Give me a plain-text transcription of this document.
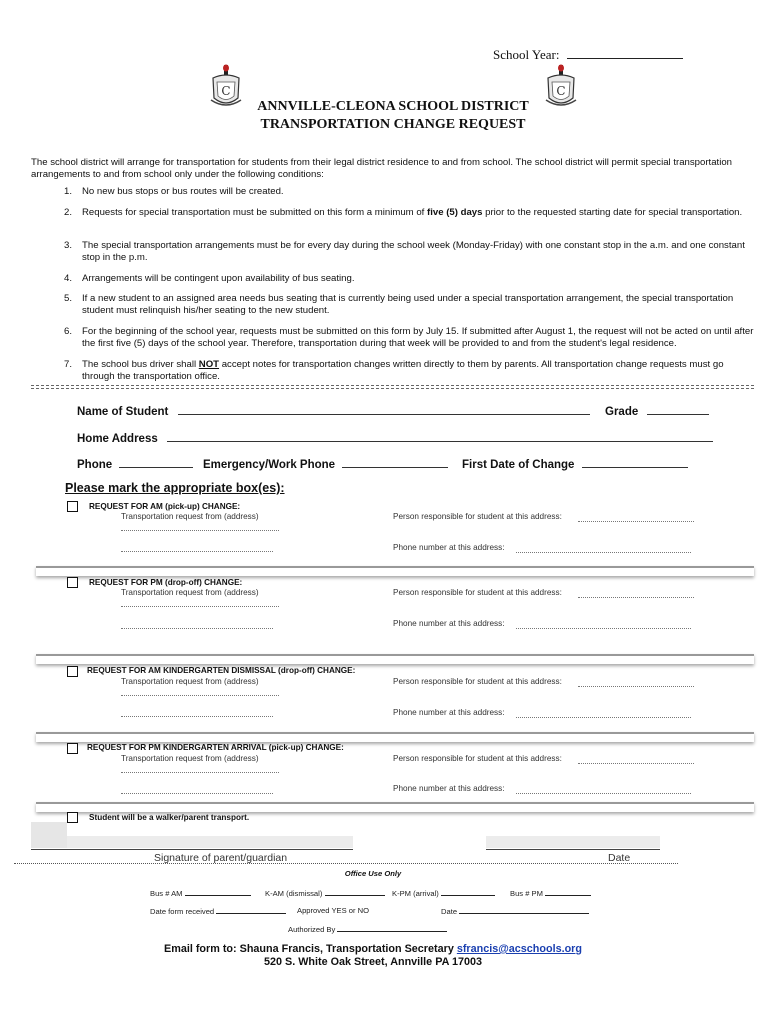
School Year:
C	C
ANNVILLE-CLEONA SCHOOL DISTRICT
TRANSPORTATION CHANGE REQUEST
The school district will arrange for transportation for students from their legal district residence to and from school. The school district will permit special transportation arrangements to and from school only under the following conditions:
1. No new bus stops or bus routes will be created.
2. Requests for special transportation must be submitted on this form a minimum of five (5) days prior to the requested starting date for special transportation.
3. The special transportation arrangements must be for every day during the school week (Monday-Friday) with one constant stop in the a.m. and one constant stop in the p.m.
4. Arrangements will be contingent upon availability of bus seating.
5. If a new student to an assigned area needs bus seating that is currently being used under a special transportation arrangement, the special transportation student must relinquish his/her seating to the new student.
6. For the beginning of the school year, requests must be submitted on this form by July 15. If submitted after August 1, the request will not be acted on until after the first five (5) days of the school year. Therefore, transportation during that week will be provided to and from the student's legal residence.
7. The school bus driver shall NOT accept notes for transportation changes written directly to them by parents. All transportation change requests must go through the transportation office.
Name of Student	Grade
Home Address
Phone	Emergency/Work Phone	First Date of Change
Please mark the appropriate box(es):
REQUEST FOR AM (pick-up) CHANGE:
Transportation request from (address)	Person responsible for student at this address:
Phone number at this address:
REQUEST FOR PM (drop-off) CHANGE:
Transportation request from (address)	Person responsible for student at this address:
Phone number at this address:
REQUEST FOR AM KINDERGARTEN DISMISSAL (drop-off) CHANGE:
Transportation request from (address)	Person responsible for student at this address:
Phone number at this address:
REQUEST FOR PM KINDERGARTEN ARRIVAL (pick-up) CHANGE:
Transportation request from (address)	Person responsible for student at this address:
Phone number at this address:
Student will be a walker/parent transport.
Signature of parent/guardian	Date
Office Use Only
Bus # AM	K-AM (dismissal)	K-PM (arrival)	Bus # PM
Date form received	Approved YES or NO	Date
Authorized By
Email form to: Shauna Francis, Transportation Secretary sfrancis@acschools.org
520 S. White Oak Street, Annville PA 17003
